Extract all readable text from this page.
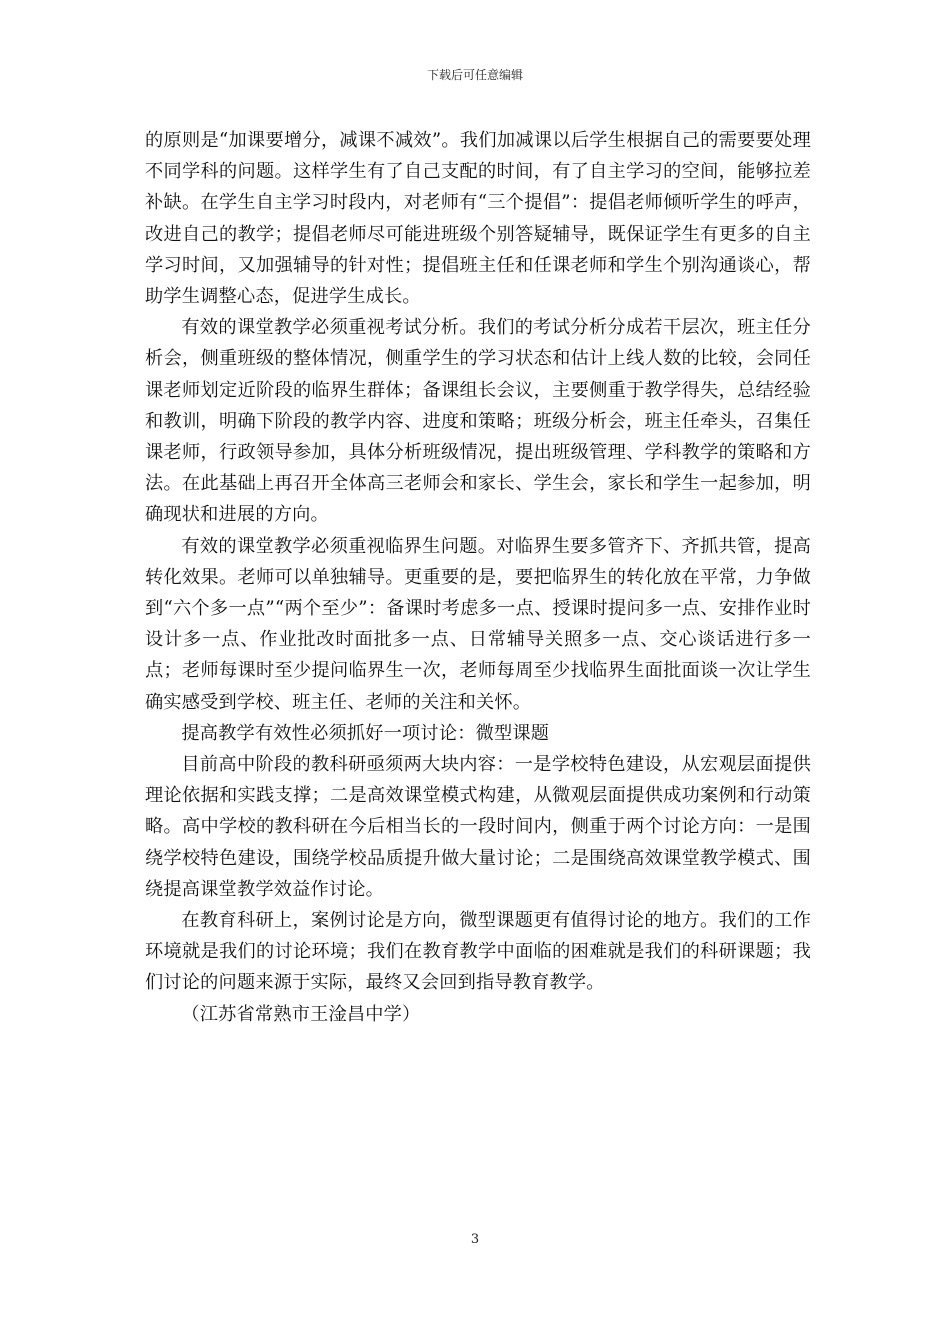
下载后可任意编辑

的原则是“加课要增分，减课不减效”。我们加减课以后学生根据自己的需要要处理不同学科的问题。这样学生有了自己支配的时间，有了自主学习的空间，能够拉差补缺。在学生自主学习时段内，对老师有“三个提倡”：提倡老师倾听学生的呼声，改进自己的教学；提倡老师尽可能进班级个别答疑辅导，既保证学生有更多的自主学习时间，又加强辅导的针对性；提倡班主任和任课老师和学生个别沟通谈心，帮助学生调整心态，促进学生成长。

有效的课堂教学必须重视考试分析。我们的考试分析分成若干层次，班主任分析会，侧重班级的整体情况，侧重学生的学习状态和估计上线人数的比较，会同任课老师划定近阶段的临界生群体；备课组长会议，主要侧重于教学得失，总结经验和教训，明确下阶段的教学内容、进度和策略；班级分析会，班主任牵头，召集任课老师，行政领导参加，具体分析班级情况，提出班级管理、学科教学的策略和方法。在此基础上再召开全体高三老师会和家长、学生会，家长和学生一起参加，明确现状和进展的方向。

有效的课堂教学必须重视临界生问题。对临界生要多管齐下、齐抓共管，提高转化效果。老师可以单独辅导。更重要的是，要把临界生的转化放在平常，力争做到“六个多一点”“两个至少”：备课时考虑多一点、授课时提问多一点、安排作业时设计多一点、作业批改时面批多一点、日常辅导关照多一点、交心谈话进行多一点；老师每课时至少提问临界生一次，老师每周至少找临界生面批面谈一次让学生确实感受到学校、班主任、老师的关注和关怀。

提高教学有效性必须抓好一项讨论：微型课题

目前高中阶段的教科研亟须两大块内容：一是学校特色建设，从宏观层面提供理论依据和实践支撑；二是高效课堂模式构建，从微观层面提供成功案例和行动策略。高中学校的教科研在今后相当长的一段时间内，侧重于两个讨论方向：一是围绕学校特色建设，围绕学校品质提升做大量讨论；二是围绕高效课堂教学模式、围绕提高课堂教学效益作讨论。

在教育科研上，案例讨论是方向，微型课题更有值得讨论的地方。我们的工作环境就是我们的讨论环境；我们在教育教学中面临的困难就是我们的科研课题；我们讨论的问题来源于实际，最终又会回到指导教育教学。

（江苏省常熟市王淦昌中学）

3
